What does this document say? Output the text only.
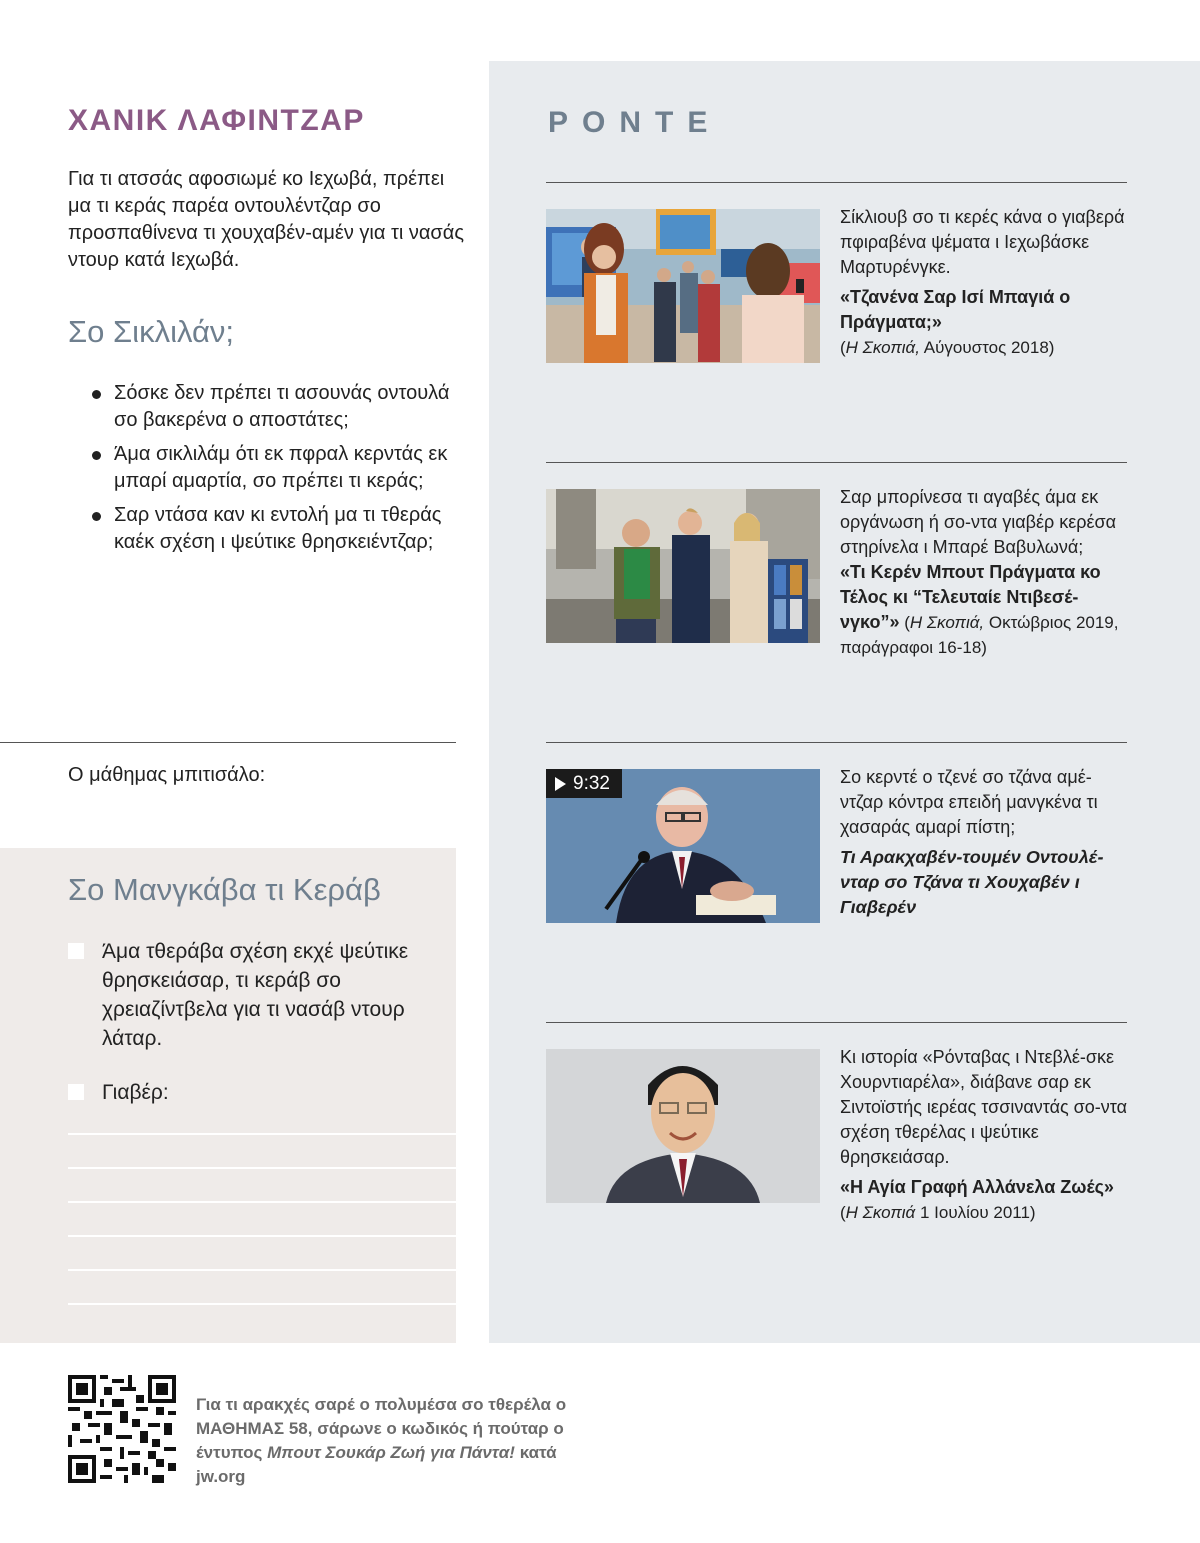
ΧΑΝΙΚ ΛΑΦΙΝΤΖΑΡ

Για τι ατσσάς αφοσιωμέ κο Ιεχωβά, πρέπει μα τι κεράς παρέα οντουλέντζαρ σο προσπαθίνενα τι χουχαβέν-αμέν για τι νασάς ντουρ κατά Ιεχωβά.

Σο Σικλιλάν;
Σόσκε δεν πρέπει τι ασουνάς οντουλά σο βακερένα ο αποστάτες;
Άμα σικλιλάμ ότι εκ πφραλ κερντάς εκ μπαρί αμαρτία, σο πρέπει τι κεράς;
Σαρ ντάσα καν κι εντολή μα τι τθεράς καέκ σχέση ι ψεύτικε θρησκειέντζαρ;
Ο μάθημας μπιτισάλο:
Σο Μανγκάβα τι Κεράβ
Άμα τθεράβα σχέση εκχέ ψεύτικε θρησκειάσαρ, τι κεράβ σο χρειαζίντβελα για τι νασάβ ντουρ λάταρ.
Γιαβέρ:
ΡΟΝΤΕ

Σίκλιουβ σο τι κερές κάνα ο γιαβερά πφιραβένα ψέματα ι Ιεχωβάσκε Μαρτυρένγκε.

«Τζανένα Σαρ Ισί Μπαγιά ο Πράγματα;»

(Η Σκοπιά, Αύγουστος 2018)

Σαρ μπορίνεσα τι αγαβές άμα εκ οργάνωση ή σο-ντα γιαβέρ κερέσα στηρίνελα ι Μπαρέ Βαβυλωνά;

«Τι Κερέν Μπουτ Πράγματα κο Τέλος κι “Τελευταίε Ντιβεσέ-νγκο”»

(Η Σκοπιά, Οκτώβριος 2019, παράγραφοι 16-18)
9:32	Σο κερντέ ο τζενέ σο τζάνα αμέ-ντζαρ κόντρα επειδή μανγκένα τι χασαράς αμαρί πίστη;

Τι Αρακχαβέν-τουμέν Οντουλέ-νταρ σο Τζάνα τι Χουχαβέν ι Γιαβερέν

Κι ιστορία «Ρόνταβας ι Ντεβλέ-σκε Χουρντιαρέλα», διάβανε σαρ εκ Σιντοϊστής ιερέας τσσιναντάς σο-ντα σχέση τθερέλας ι ψεύτικε θρησκειάσαρ.

«Η Αγία Γραφή Αλλάνελα Ζωές»

(Η Σκοπιά 1 Ιουλίου 2011)

Για τι αρακχές σαρέ ο πολυμέσα σο τθερέλα ο ΜΑΘΗΜΑΣ 58, σάρωνε ο κωδικός ή πούταρ ο έντυπος Μπουτ Σουκάρ Ζωή για Πάντα! κατά jw.org
